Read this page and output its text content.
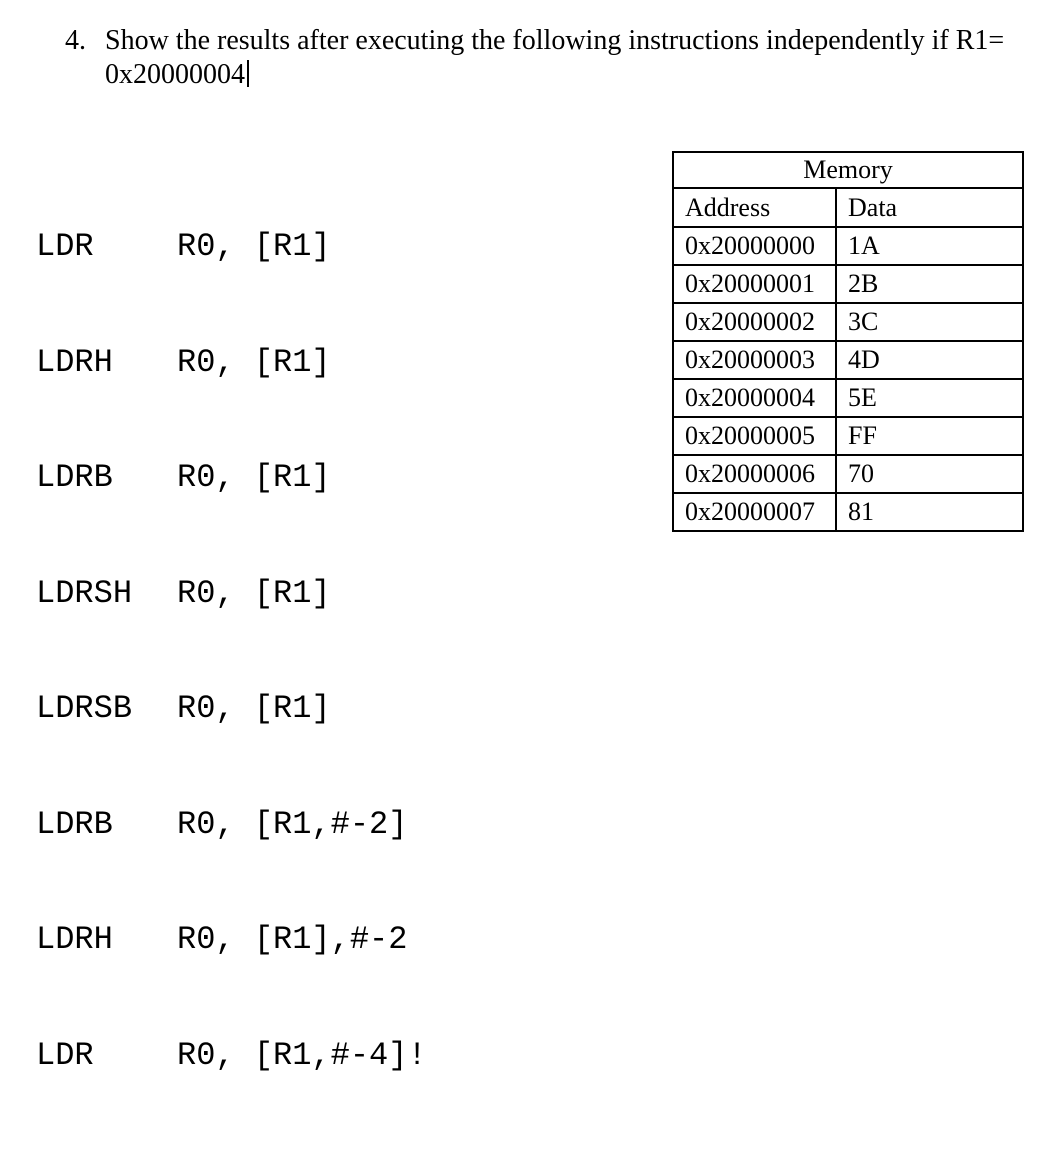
4. Show the results after executing the following instructions independently if R1=
0x20000004

LDR	R0, [R1]

LDRH R0, [R1]

LDRB R0, [R1]

LDRSH R0, [R1]

LDRSB R0, [R1]

LDRB R0, [R1,#-2]

LDRH R0, [R1],#-2

LDR	R0, [R1,#-4]!

Memory	
Address	Data
0x20000000	1A
0x20000001	2B
0x20000002	3C
0x20000003	4D
0x20000004	5E
0x20000005	FF
0x20000006	70
0x20000007	81
